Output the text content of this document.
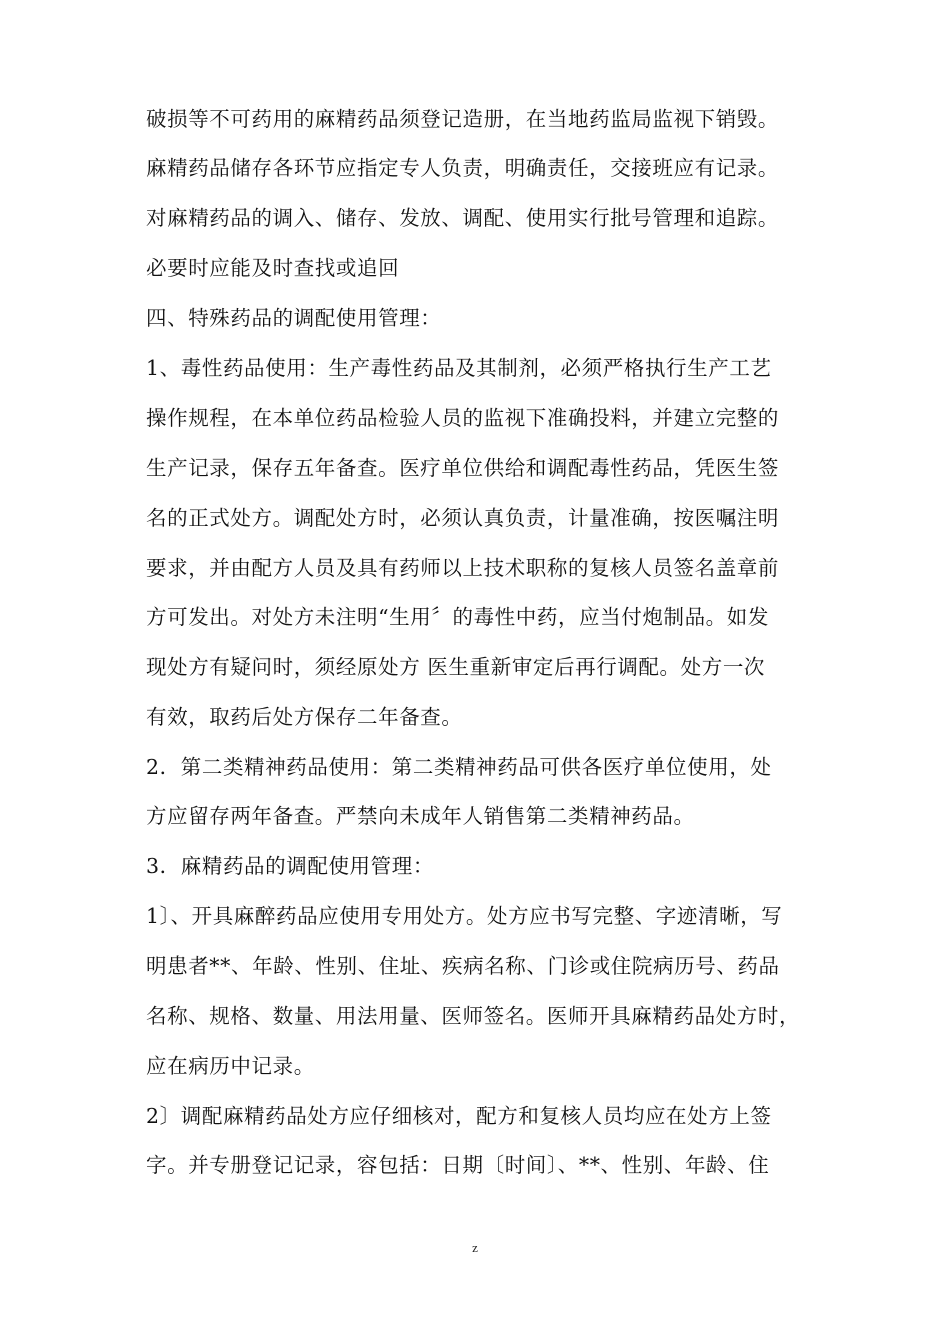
破损等不可药用的麻精药品须登记造册，在当地药监局监视下销毁。
麻精药品储存各环节应指定专人负责，明确责任，交接班应有记录。
对麻精药品的调入、储存、发放、调配、使用实行批号管理和追踪。
必要时应能及时查找或追回
四、特殊药品的调配使用管理：
1、毒性药品使用：生产毒性药品及其制剂，必须严格执行生产工艺
操作规程，在本单位药品检验人员的监视下准确投料，并建立完整的
生产记录，保存五年备查。医疗单位供给和调配毒性药品，凭医生签
名的正式处方。调配处方时，必须认真负责，计量准确，按医嘱注明
要求，并由配方人员及具有药师以上技术职称的复核人员签名盖章前
方可发出。对处方未注明“生用〞的毒性中药，应当付炮制品。如发
现处方有疑问时，须经原处方 医生重新审定后再行调配。处方一次
有效，取药后处方保存二年备查。
2．第二类精神药品使用：第二类精神药品可供各医疗单位使用，处
方应留存两年备查。严禁向未成年人销售第二类精神药品。
3．麻精药品的调配使用管理：
1〕、开具麻醉药品应使用专用处方。处方应书写完整、字迹清晰，写
明患者**、年龄、性别、住址、疾病名称、门诊或住院病历号、药品
名称、规格、数量、用法用量、医师签名。医师开具麻精药品处方时，
应在病历中记录。
2〕调配麻精药品处方应仔细核对，配方和复核人员均应在处方上签
字。并专册登记记录，容包括：日期〔时间〕、**、性别、年龄、住
z
